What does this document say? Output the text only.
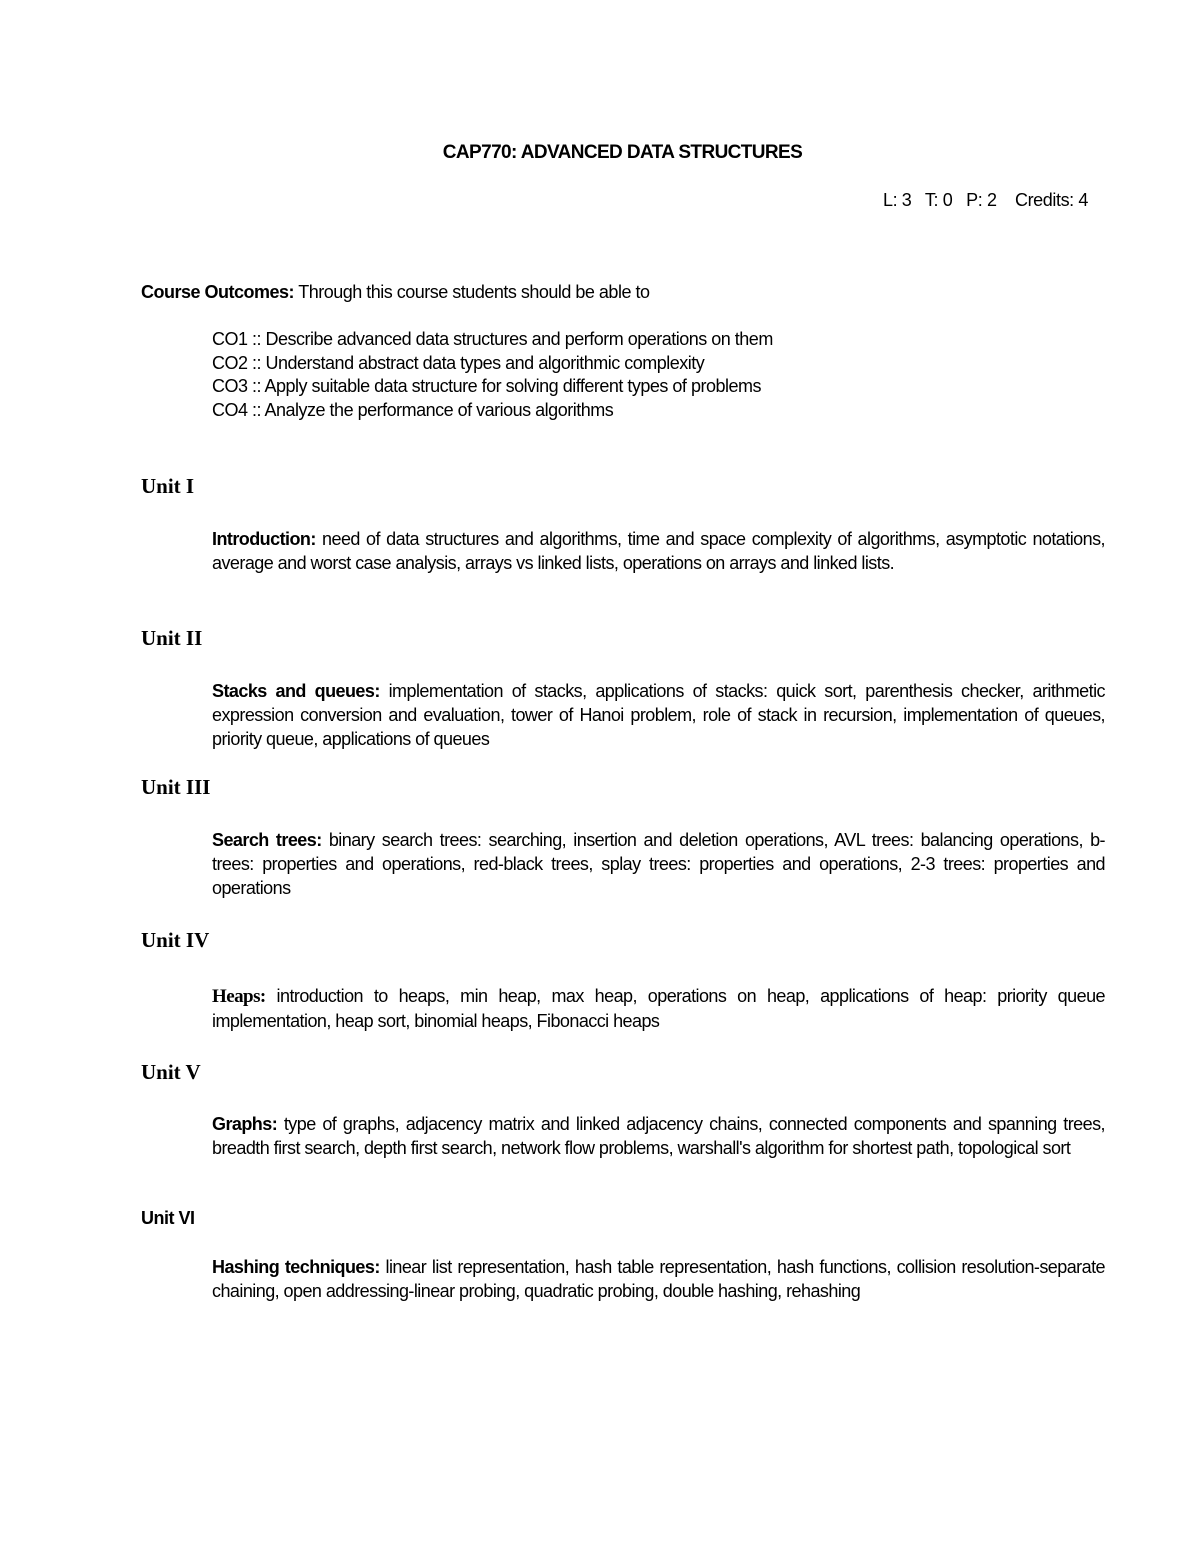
CAP770: ADVANCED DATA STRUCTURES
L: 3 T: 0 P: 2 Credits: 4
Course Outcomes: Through this course students should be able to
CO1 :: Describe advanced data structures and perform operations on them
CO2 :: Understand abstract data types and algorithmic complexity
CO3 :: Apply suitable data structure for solving different types of problems
CO4 :: Analyze the performance of various algorithms
Unit I
Introduction: need of data structures and algorithms, time and space complexity of algorithms, asymptotic notations, average and worst case analysis, arrays vs linked lists, operations on arrays and linked lists.
Unit II
Stacks and queues: implementation of stacks, applications of stacks: quick sort, parenthesis checker, arithmetic expression conversion and evaluation, tower of Hanoi problem, role of stack in recursion, implementation of queues, priority queue, applications of queues
Unit III
Search trees: binary search trees: searching, insertion and deletion operations, AVL trees: balancing operations, b-trees: properties and operations, red-black trees, splay trees: properties and operations, 2-3 trees: properties and operations
Unit IV
Heaps: introduction to heaps, min heap, max heap, operations on heap, applications of heap: priority queue implementation, heap sort, binomial heaps, Fibonacci heaps
Unit V
Graphs: type of graphs, adjacency matrix and linked adjacency chains, connected components and spanning trees, breadth first search, depth first search, network flow problems, warshall's algorithm for shortest path, topological sort
Unit VI
Hashing techniques: linear list representation, hash table representation, hash functions, collision resolution-separate chaining, open addressing-linear probing, quadratic probing, double hashing, rehashing
